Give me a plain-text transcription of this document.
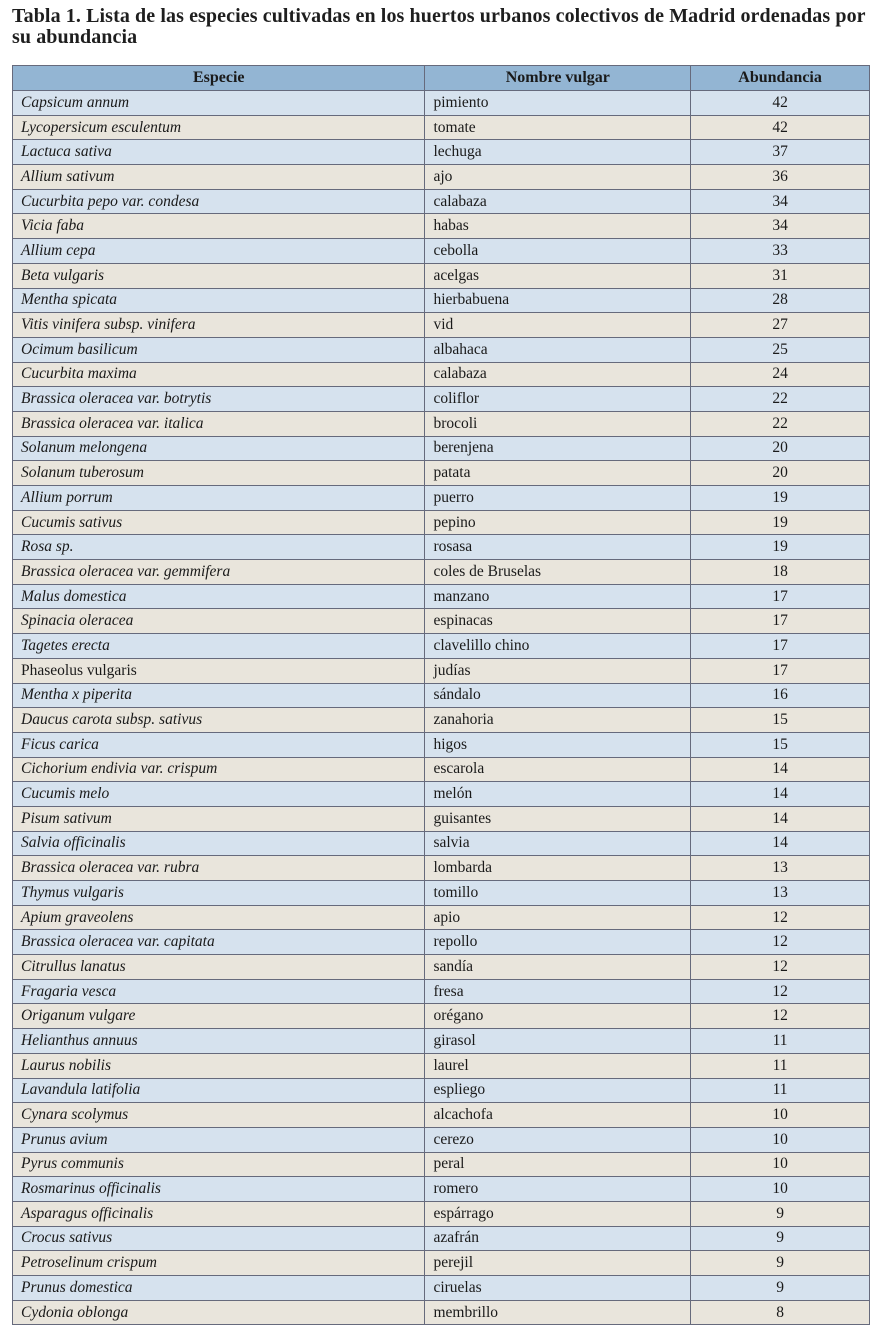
Tabla 1. Lista de las especies cultivadas en los huertos urbanos colectivos de Madrid ordenadas por su abundancia
Especie	Nombre vulgar	Abundancia
Capsicum annum	pimiento	42
Lycopersicum esculentum	tomate	42
Lactuca sativa	lechuga	37
Allium sativum	ajo	36
Cucurbita pepo var. condesa	calabaza	34
Vicia faba	habas	34
Allium cepa	cebolla	33
Beta vulgaris	acelgas	31
Mentha spicata	hierbabuena	28
Vitis vinifera subsp. vinifera	vid	27
Ocimum basilicum	albahaca	25
Cucurbita maxima	calabaza	24
Brassica oleracea var. botrytis	coliflor	22
Brassica oleracea var. italica	brocoli	22
Solanum melongena	berenjena	20
Solanum tuberosum	patata	20
Allium porrum	puerro	19
Cucumis sativus	pepino	19
Rosa sp.	rosasa	19
Brassica oleracea var. gemmifera	coles de Bruselas	18
Malus domestica	manzano	17
Spinacia oleracea	espinacas	17
Tagetes erecta	clavelillo chino	17
Phaseolus vulgaris	judías	17
Mentha x piperita	sándalo	16
Daucus carota subsp. sativus	zanahoria	15
Ficus carica	higos	15
Cichorium endivia var. crispum	escarola	14
Cucumis melo	melón	14
Pisum sativum	guisantes	14
Salvia officinalis	salvia	14
Brassica oleracea var. rubra	lombarda	13
Thymus vulgaris	tomillo	13
Apium graveolens	apio	12
Brassica oleracea var. capitata	repollo	12
Citrullus lanatus	sandía	12
Fragaria vesca	fresa	12
Origanum vulgare	orégano	12
Helianthus annuus	girasol	11
Laurus nobilis	laurel	11
Lavandula latifolia	espliego	11
Cynara scolymus	alcachofa	10
Prunus avium	cerezo	10
Pyrus communis	peral	10
Rosmarinus officinalis	romero	10
Asparagus officinalis	espárrago	9
Crocus sativus	azafrán	9
Petroselinum crispum	perejil	9
Prunus domestica	ciruelas	9
Cydonia oblonga	membrillo	8
